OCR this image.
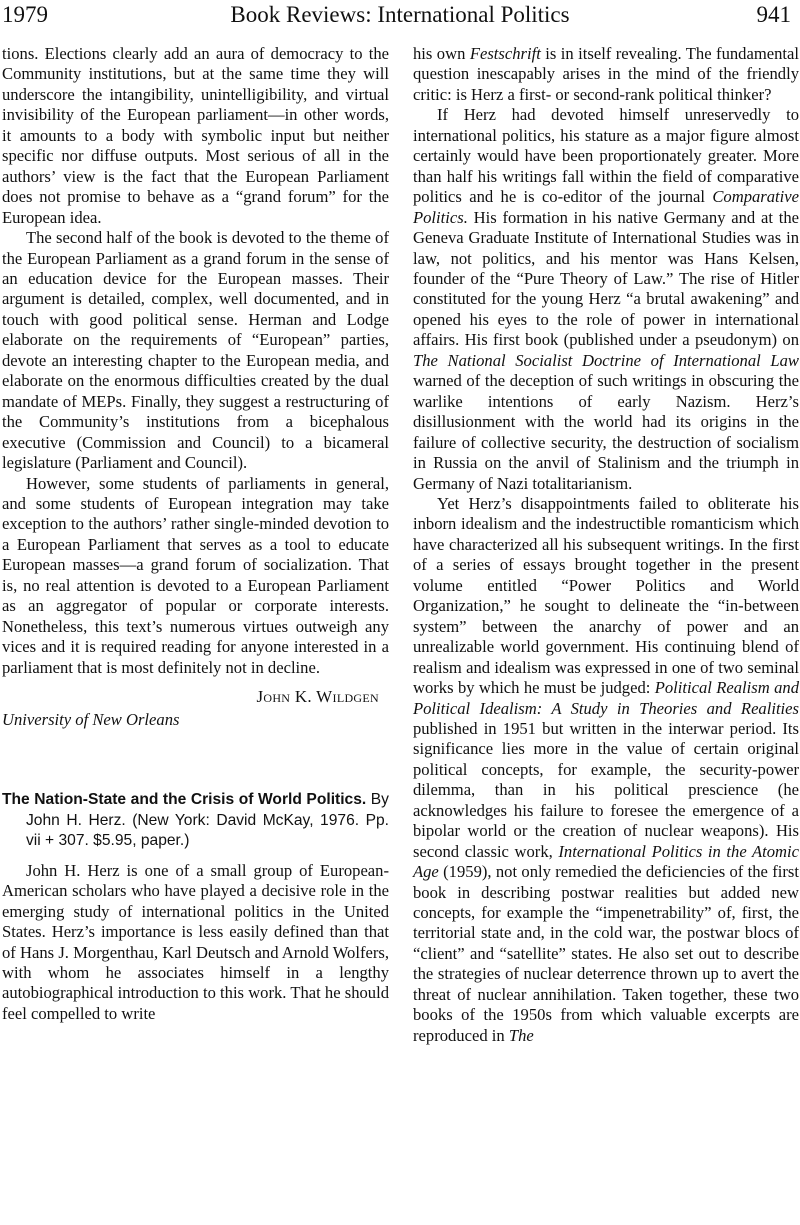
1979	Book Reviews: International Politics	941

tions. Elections clearly add an aura of democracy to the Community institutions, but at the same time they will underscore the intangibility, unintelligibility, and virtual invisibility of the European parliament—in other words, it amounts to a body with symbolic input but neither specific nor diffuse outputs. Most serious of all in the authors’ view is the fact that the European Parliament does not promise to behave as a “grand forum” for the European idea.

The second half of the book is devoted to the theme of the European Parliament as a grand forum in the sense of an education device for the European masses. Their argument is detailed, complex, well documented, and in touch with good political sense. Herman and Lodge elaborate on the requirements of “European” parties, devote an interesting chapter to the European media, and elaborate on the enormous difficulties created by the dual mandate of MEPs. Finally, they suggest a restructuring of the Community’s institutions from a bicephalous executive (Commission and Council) to a bicameral legislature (Parliament and Council).

However, some students of parliaments in general, and some students of European integration may take exception to the authors’ rather single-minded devotion to a European Parliament that serves as a tool to educate European masses—a grand forum of socialization. That is, no real attention is devoted to a European Parliament as an aggregator of popular or corporate interests. Nonetheless, this text’s numerous virtues outweigh any vices and it is required reading for anyone interested in a parliament that is most definitely not in decline.

John K. Wildgen
University of New Orleans
The Nation-State and the Crisis of World Politics. By John H. Herz. (New York: David McKay, 1976. Pp. vii + 307. $5.95, paper.)

John H. Herz is one of a small group of European-American scholars who have played a decisive role in the emerging study of international politics in the United States. Herz’s importance is less easily defined than that of Hans J. Morgenthau, Karl Deutsch and Arnold Wolfers, with whom he associates himself in a lengthy autobiographical introduction to this work. That he should feel compelled to write

his own Festschrift is in itself revealing. The fundamental question inescapably arises in the mind of the friendly critic: is Herz a first- or second-rank political thinker?

If Herz had devoted himself unreservedly to international politics, his stature as a major figure almost certainly would have been proportionately greater. More than half his writings fall within the field of comparative politics and he is co-editor of the journal Comparative Politics. His formation in his native Germany and at the Geneva Graduate Institute of International Studies was in law, not politics, and his mentor was Hans Kelsen, founder of the “Pure Theory of Law.” The rise of Hitler constituted for the young Herz “a brutal awakening” and opened his eyes to the role of power in international affairs. His first book (published under a pseudonym) on The National Socialist Doctrine of International Law warned of the deception of such writings in obscuring the warlike intentions of early Nazism. Herz’s disillusionment with the world had its origins in the failure of collective security, the destruction of socialism in Russia on the anvil of Stalinism and the triumph in Germany of Nazi totalitarianism.

Yet Herz’s disappointments failed to obliterate his inborn idealism and the indestructible romanticism which have characterized all his subsequent writings. In the first of a series of essays brought together in the present volume entitled “Power Politics and World Organization,” he sought to delineate the “in-between system” between the anarchy of power and an unrealizable world government. His continuing blend of realism and idealism was expressed in one of two seminal works by which he must be judged: Political Realism and Political Idealism: A Study in Theories and Realities published in 1951 but written in the interwar period. Its significance lies more in the value of certain original political concepts, for example, the security-power dilemma, than in his political prescience (he acknowledges his failure to foresee the emergence of a bipolar world or the creation of nuclear weapons). His second classic work, International Politics in the Atomic Age (1959), not only remedied the deficiencies of the first book in describing postwar realities but added new concepts, for example the “impenetrability” of, first, the territorial state and, in the cold war, the postwar blocs of “client” and “satellite” states. He also set out to describe the strategies of nuclear deterrence thrown up to avert the threat of nuclear annihilation. Taken together, these two books of the 1950s from which valuable excerpts are reproduced in The
